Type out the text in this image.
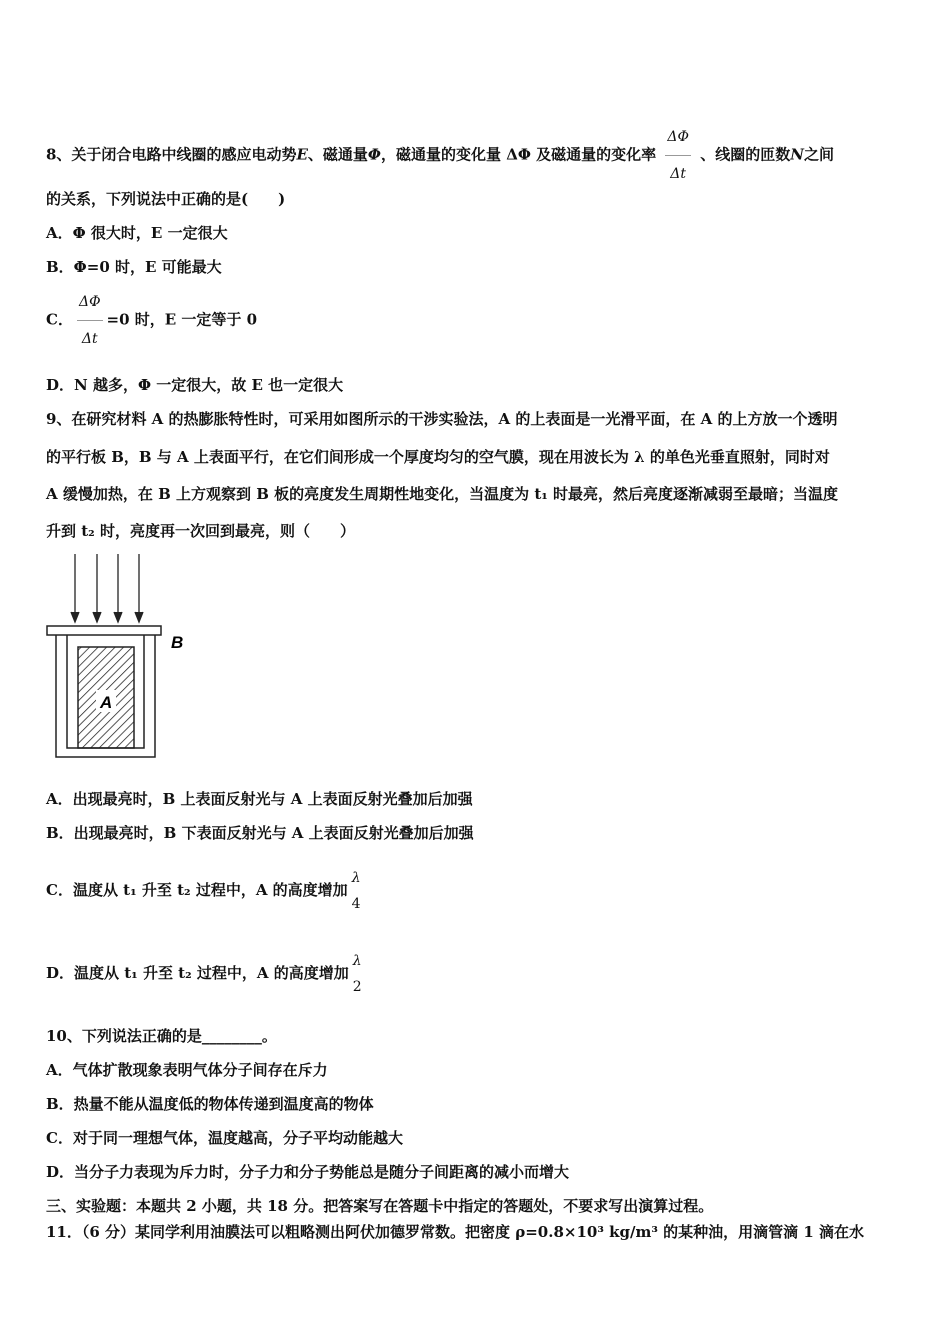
8、关于闭合电路中线圈的感应电动势E、磁通量Φ，磁通量的变化量 ΔΦ 及磁通量的变化率 $\frac{\Delta\Phi}{\Delta t}$ 、线圈的匝数N之间
的关系，下列说法中正确的是(　　)
A．Φ 很大时，E 一定很大
B．Φ=0 时，E 可能最大
C． $\frac{\Delta\Phi}{\Delta t} =0$ 时，E 一定等于 0
D．N 越多，Φ 一定很大，故 E 也一定很大
9、在研究材料 A 的热膨胀特性时，可采用如图所示的干涉实验法，A 的上表面是一光滑平面，在 A 的上方放一个透明
的平行板 B，B 与 A 上表面平行，在它们间形成一个厚度均匀的空气膜，现在用波长为 λ 的单色光垂直照射，同时对
A 缓慢加热，在 B 上方观察到 B 板的亮度发生周期性地变化，当温度为 t₁ 时最亮，然后亮度逐渐减弱至最暗；当温度
升到 t₂ 时，亮度再一次回到最亮，则（　　）
B
A
A．出现最亮时，B 上表面反射光与 A 上表面反射光叠加后加强
B．出现最亮时，B 下表面反射光与 A 上表面反射光叠加后加强
C．温度从 t₁ 升至 t₂ 过程中，A 的高度增加
λ
4
D．温度从 t₁ 升至 t₂ 过程中，A 的高度增加
λ
2
10、下列说法正确的是________。
A．气体扩散现象表明气体分子间存在斥力
B．热量不能从温度低的物体传递到温度高的物体
C．对于同一理想气体，温度越高，分子平均动能越大
D．当分子力表现为斥力时，分子力和分子势能总是随分子间距离的减小而增大
三、实验题：本题共 2 小题，共 18 分。把答案写在答题卡中指定的答题处，不要求写出演算过程。
11．（6 分）某同学利用油膜法可以粗略测出阿伏加德罗常数。把密度 ρ=0.8×10³ kg/m³ 的某种油，用滴管滴 1 滴在水
